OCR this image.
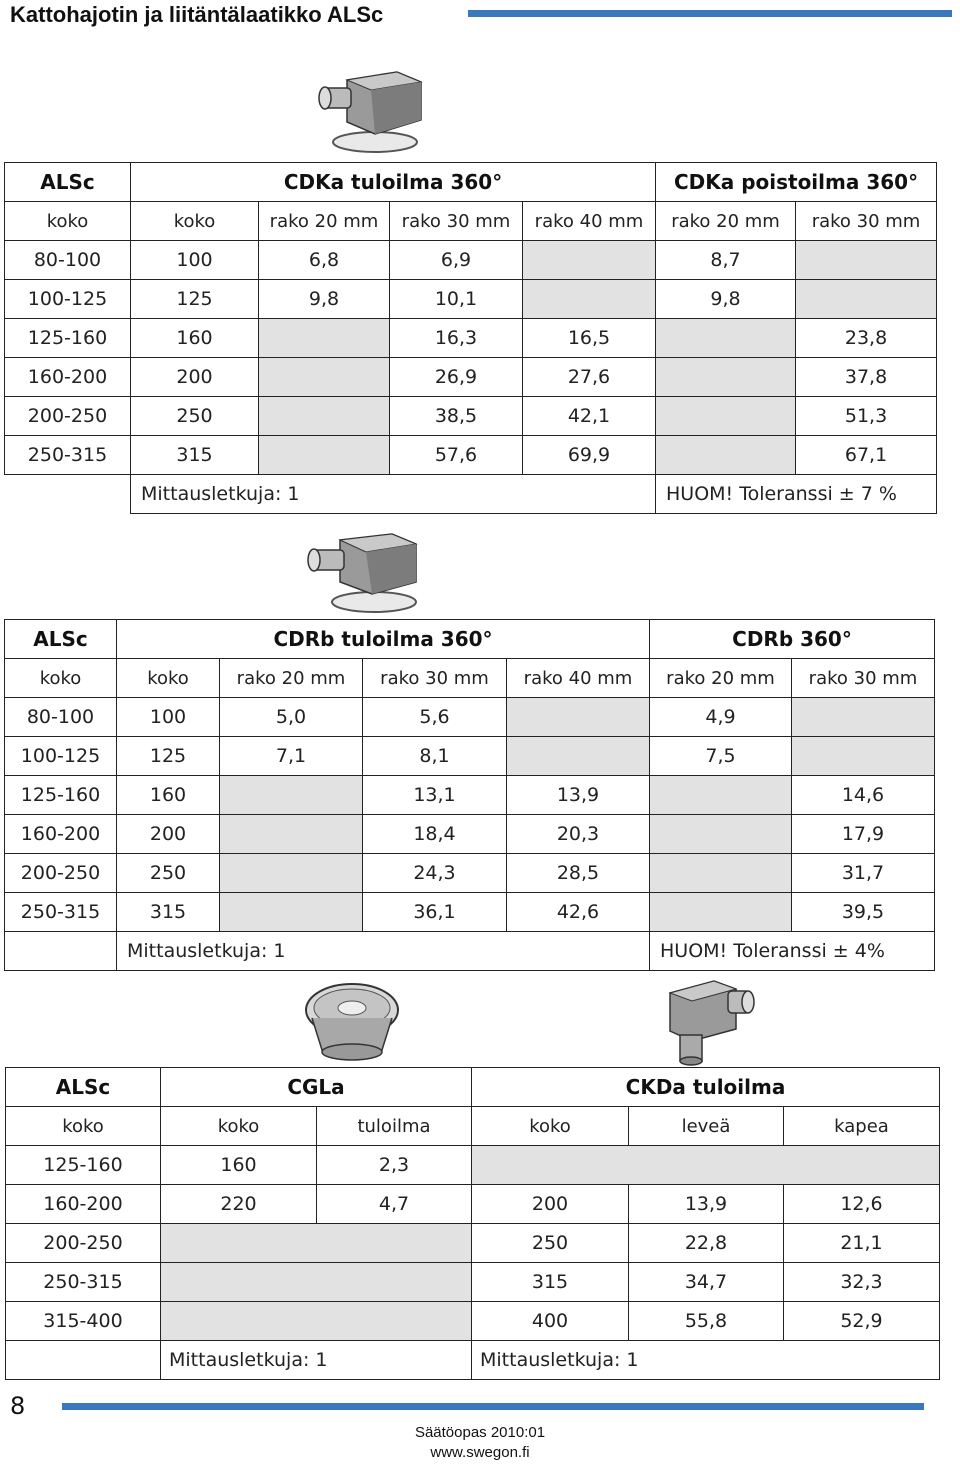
Kattohajotin ja liitäntälaatikko ALSc
ALSc	CDKa tuloilma 360°				CDKa poistoilma 360°	
koko	koko	rako 20 mm	rako 30 mm	rako 40 mm	rako 20 mm	rako 30 mm
80-100	100	6,8	6,9		8,7	
100-125	125	9,8	10,1		9,8	
125-160	160		16,3	16,5		23,8
160-200	200		26,9	27,6		37,8
200-250	250		38,5	42,1		51,3
250-315	315		57,6	69,9		67,1
	Mittausletkuja: 1				HUOM! Toleranssi ± 7 %	
ALSc	CDRb tuloilma 360°				CDRb 360°	
koko	koko	rako 20 mm	rako 30 mm	rako 40 mm	rako 20 mm	rako 30 mm
80-100	100	5,0	5,6		4,9	
100-125	125	7,1	8,1		7,5	
125-160	160		13,1	13,9		14,6
160-200	200		18,4	20,3		17,9
200-250	250		24,3	28,5		31,7
250-315	315		36,1	42,6		39,5
	Mittausletkuja: 1				HUOM! Toleranssi ± 4%	
ALSc	CGLa		CKDa tuloilma		
koko	koko	tuloilma	koko	leveä	kapea
125-160	160	2,3			
160-200	220	4,7	200	13,9	12,6
200-250			250	22,8	21,1
250-315			315	34,7	32,3
315-400			400	55,8	52,9
	Mittausletkuja: 1		Mittausletkuja: 1		
8
Säätöopas 2010:01
www.swegon.fi
